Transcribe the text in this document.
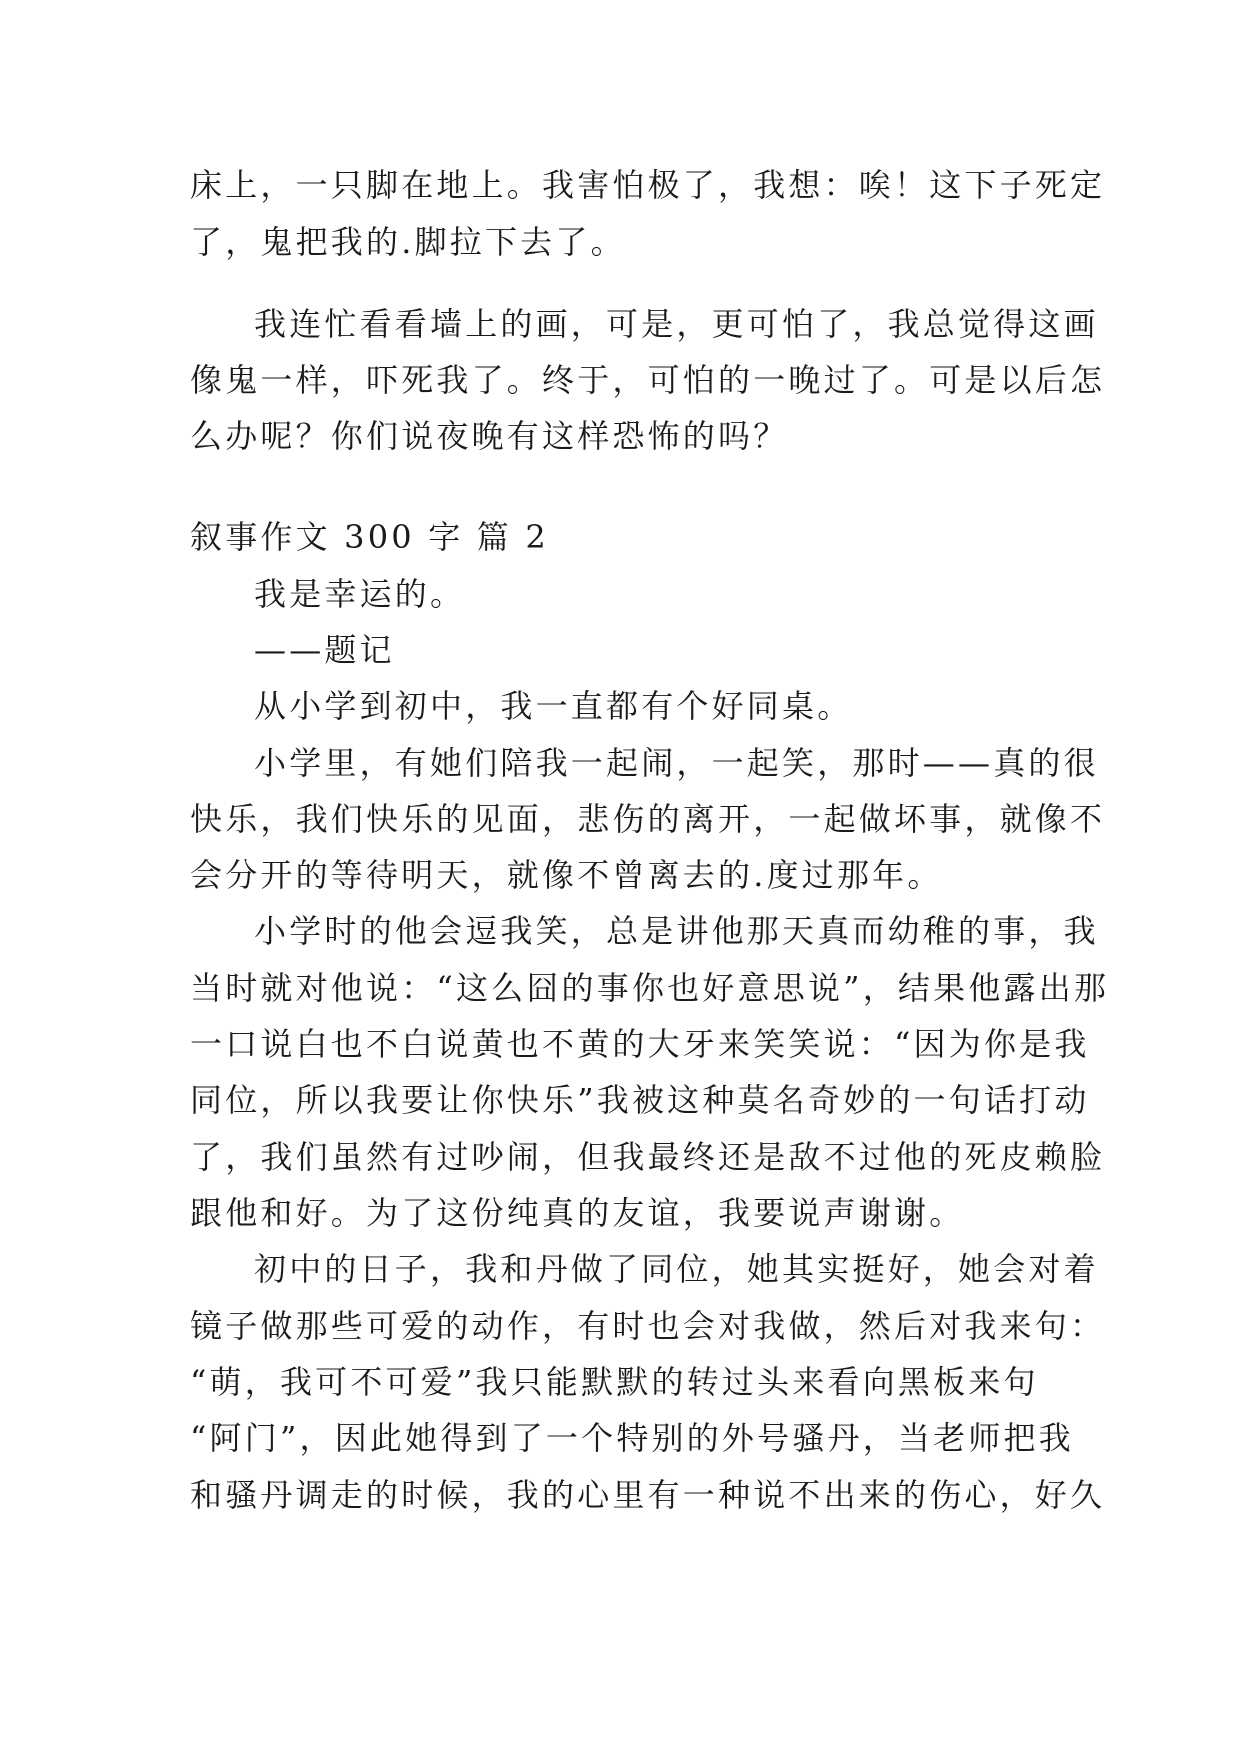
床上，一只脚在地上。我害怕极了，我想：唉！这下子死定
了，鬼把我的.脚拉下去了。
我连忙看看墙上的画，可是，更可怕了，我总觉得这画
像鬼一样，吓死我了。终于，可怕的一晚过了。可是以后怎
么办呢？你们说夜晚有这样恐怖的吗？
叙事作文 300 字 篇 2
我是幸运的。
——题记
从小学到初中，我一直都有个好同桌。
小学里，有她们陪我一起闹，一起笑，那时——真的很
快乐，我们快乐的见面，悲伤的离开，一起做坏事，就像不
会分开的等待明天，就像不曾离去的.度过那年。
小学时的他会逗我笑，总是讲他那天真而幼稚的事，我
当时就对他说：“这么囧的事你也好意思说”，结果他露出那
一口说白也不白说黄也不黄的大牙来笑笑说：“因为你是我
同位，所以我要让你快乐”我被这种莫名奇妙的一句话打动
了，我们虽然有过吵闹，但我最终还是敌不过他的死皮赖脸
跟他和好。为了这份纯真的友谊，我要说声谢谢。
初中的日子，我和丹做了同位，她其实挺好，她会对着
镜子做那些可爱的动作，有时也会对我做，然后对我来句：
“萌，我可不可爱”我只能默默的转过头来看向黑板来句
“阿门”，因此她得到了一个特别的外号骚丹，当老师把我
和骚丹调走的时候，我的心里有一种说不出来的伤心，好久
